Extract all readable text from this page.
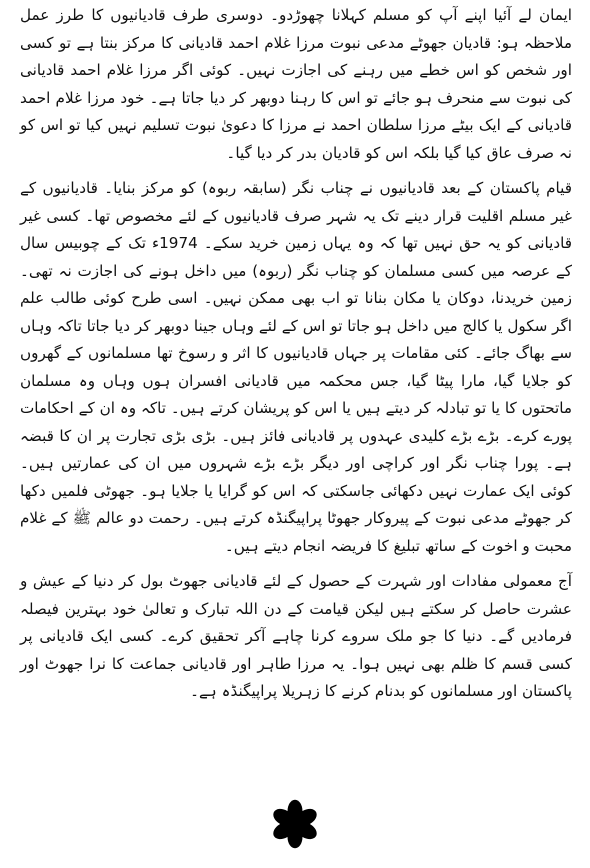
ایمان لے آئیا اپنے آپ کو مسلم کہلانا چھوڑدو۔ دوسری طرف قادیانیوں کا طرز عمل ملاحظہ ہو: قادیان جھوٹے مدعی نبوت مرزا غلام احمد قادیانی کا مرکز بنتا ہے تو کسی اور شخص کو اس خطے میں رہنے کی اجازت نہیں۔ کوئی اگر مرزا غلام احمد قادیانی کی نبوت سے منحرف ہو جائے تو اس کا رہنا دوبھر کر دیا جاتا ہے۔ خود مرزا غلام احمد قادیانی کے ایک بیٹے مرزا سلطان احمد نے مرزا کا دعویٰ نبوت تسلیم نہیں کیا تو اس کو نہ صرف عاق کیا گیا بلکہ اس کو قادیان بدر کر دیا گیا۔

قیام پاکستان کے بعد قادیانیوں نے چناب نگر (سابقہ ربوہ) کو مرکز بنایا۔ قادیانیوں کے غیر مسلم اقلیت قرار دینے تک یہ شہر صرف قادیانیوں کے لئے مخصوص تھا۔ کسی غیر قادیانی کو یہ حق نہیں تھا کہ وہ یہاں زمین خرید سکے۔ 1974ء تک کے چوبیس سال کے عرصہ میں کسی مسلمان کو چناب نگر (ربوہ) میں داخل ہونے کی اجازت نہ تھی۔ زمین خریدنا، دوکان یا مکان بنانا تو اب بھی ممکن نہیں۔ اسی طرح کوئی طالب علم اگر سکول یا کالج میں داخل ہو جاتا تو اس کے لئے وہاں جینا دوبھر کر دیا جاتا تاکہ وہاں سے بھاگ جائے۔ کئی مقامات پر جہاں قادیانیوں کا اثر و رسوخ تھا مسلمانوں کے گھروں کو جلایا گیا، مارا پیٹا گیا، جس محکمہ میں قادیانی افسران ہوں وہاں وہ مسلمان ماتحتوں کا یا تو تبادلہ کر دیتے ہیں یا اس کو پریشان کرتے ہیں۔ تاکہ وہ ان کے احکامات پورے کرے۔ بڑے بڑے کلیدی عہدوں پر قادیانی فائز ہیں۔ بڑی بڑی تجارت پر ان کا قبضہ ہے۔ پورا چناب نگر اور کراچی اور دیگر بڑے بڑے شہروں میں ان کی عمارتیں ہیں۔ کوئی ایک عمارت نہیں دکھائی جاسکتی کہ اس کو گرایا یا جلایا ہو۔ جھوٹی فلمیں دکھا کر جھوٹے مدعی نبوت کے پیروکار جھوٹا پراپیگنڈہ کرتے ہیں۔ رحمت دو عالم ﷺ کے غلام محبت و اخوت کے ساتھ تبلیغ کا فریضہ انجام دیتے ہیں۔

آج معمولی مفادات اور شہرت کے حصول کے لئے قادیانی جھوٹ بول کر دنیا کے عیش و عشرت حاصل کر سکتے ہیں لیکن قیامت کے دن اللہ تبارک و تعالیٰ خود بہترین فیصلہ فرمادیں گے۔ دنیا کا جو ملک سروے کرنا چاہے آکر تحقیق کرے۔ کسی ایک قادیانی پر کسی قسم کا ظلم بھی نہیں ہوا۔ یہ مرزا طاہر اور قادیانی جماعت کا نرا جھوٹ اور پاکستان اور مسلمانوں کو بدنام کرنے کا زہریلا پراپیگنڈہ ہے۔
